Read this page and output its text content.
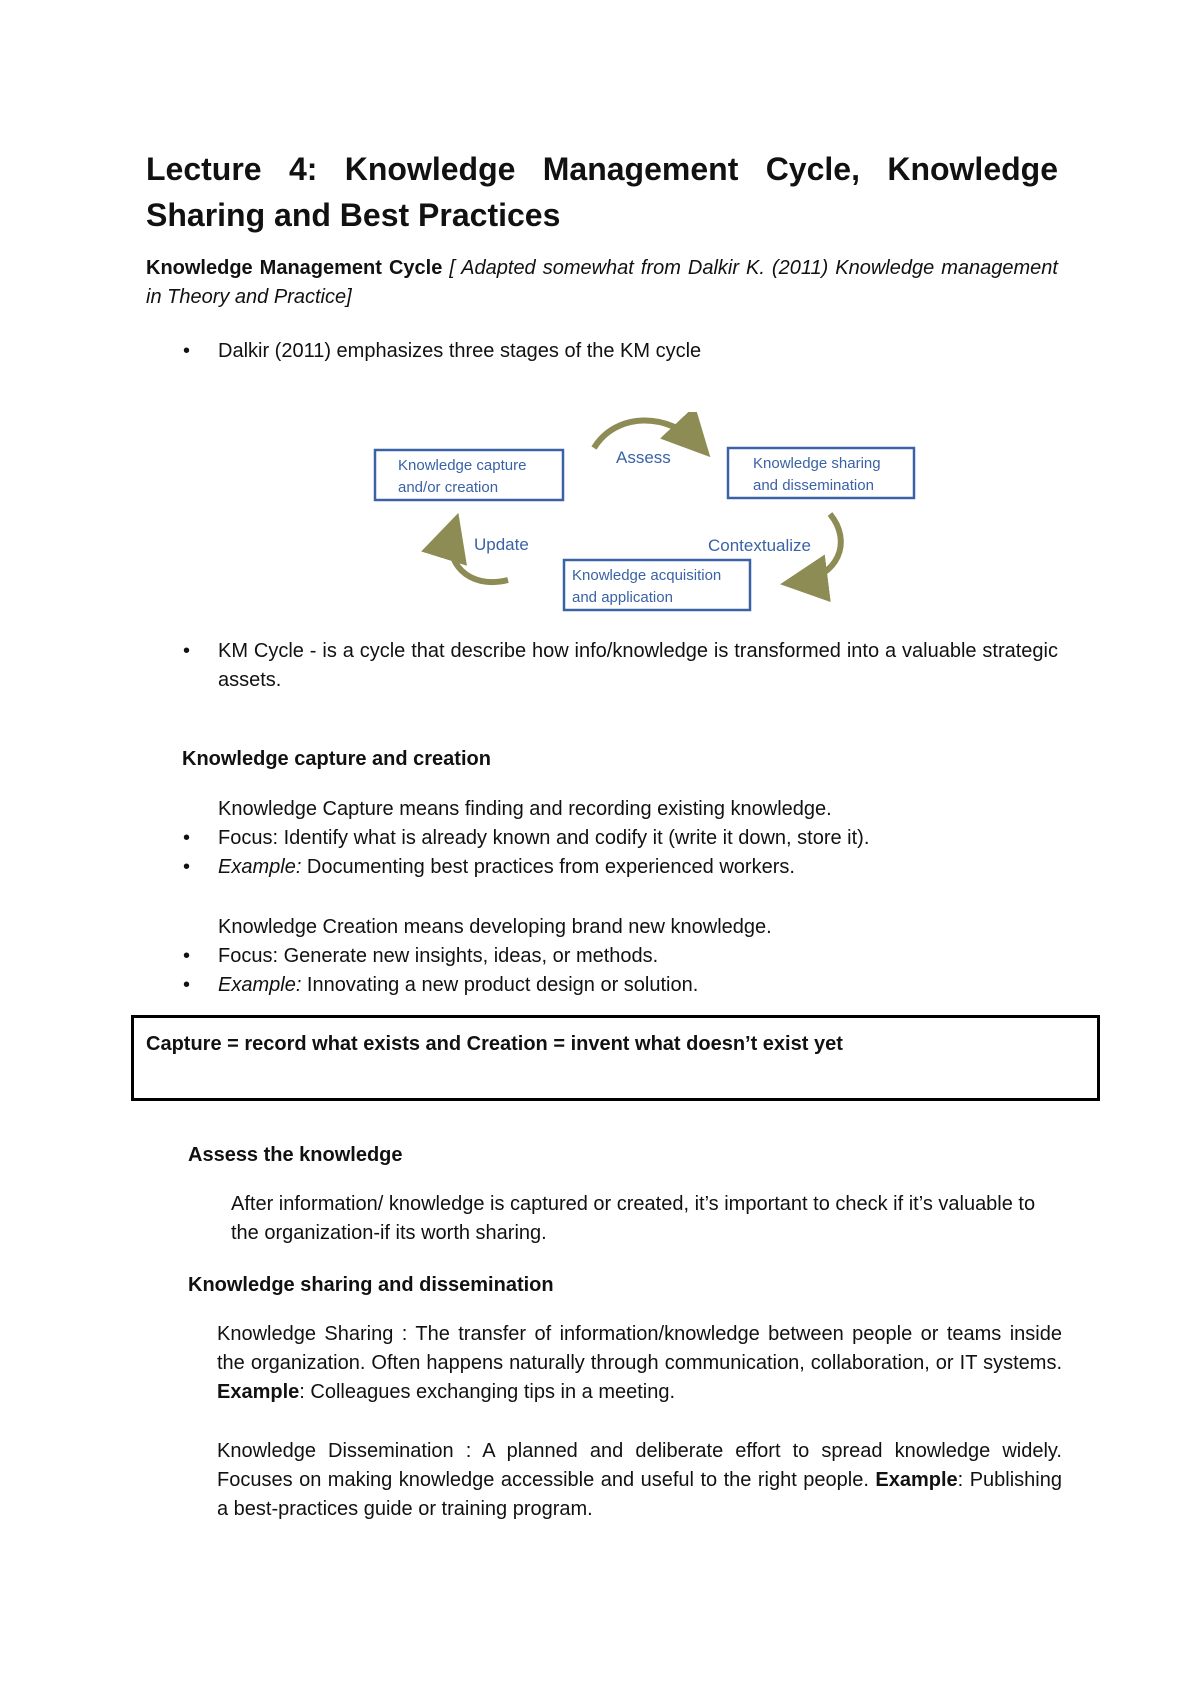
Lecture 4: Knowledge Management Cycle, Knowledge Sharing and Best Practices

Knowledge Management Cycle [ Adapted somewhat from Dalkir K. (2011) Knowledge management in Theory and Practice]

• Dalkir (2011) emphasizes three stages of the KM cycle

Knowledge capture
and/or creation
Knowledge sharing
and dissemination
Knowledge acquisition
and application
Assess
Update	Contextualize
• KM Cycle - is a cycle that describe how info/knowledge is transformed into a valuable strategic assets.

Knowledge capture and creation

Knowledge Capture means finding and recording existing knowledge.

• Focus: Identify what is already known and codify it (write it down, store it).

• Example: Documenting best practices from experienced workers.

Knowledge Creation means developing brand new knowledge.

• Focus: Generate new insights, ideas, or methods.

• Example: Innovating a new product design or solution.

Capture = record what exists and Creation = invent what doesn’t exist yet

Assess the knowledge

After information/ knowledge is captured or created, it’s important to check if it’s valuable to the organization-if its worth sharing.

Knowledge sharing and dissemination

Knowledge Sharing : The transfer of information/knowledge between people or teams inside the organization. Often happens naturally through communication, collaboration, or IT systems. Example: Colleagues exchanging tips in a meeting.

Knowledge Dissemination : A planned and deliberate effort to spread knowledge widely. Focuses on making knowledge accessible and useful to the right people. Example: Publishing a best-practices guide or training program.
